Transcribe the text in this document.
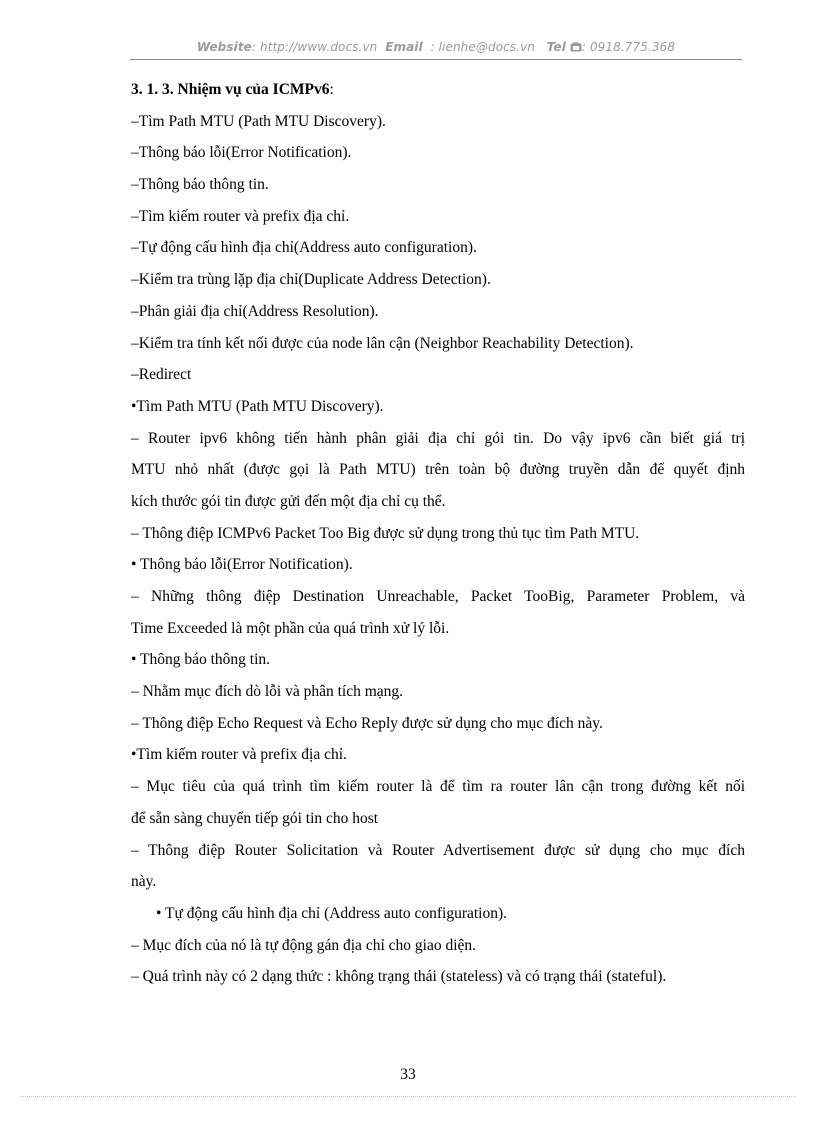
Website: http://www.docs.vn Email  : lienhe@docs.vn Tel : 0918.775.368
3. 1. 3. Nhiệm vụ của ICMPv6:
–Tìm Path MTU (Path MTU Discovery).
–Thông báo lỗi(Error Notification).
–Thông báo thông tin.
–Tìm kiếm router và prefix địa chỉ.
–Tự động cấu hình địa chỉ(Address auto configuration).
–Kiểm tra trùng lặp địa chỉ(Duplicate Address Detection).
–Phân giải địa chỉ(Address Resolution).
–Kiểm tra tính kết nối được của node lân cận (Neighbor Reachability Detection).
–Redirect
•Tìm Path MTU (Path MTU Discovery).
– Router ipv6 không tiến hành phân giải địa chỉ gói tin. Do vậy ipv6 cần biết giá trị
MTU nhỏ nhất (được gọi là Path MTU) trên toàn bộ đường truyền dẫn để quyết định
kích thước gói tin được gửi đến một địa chỉ cụ thể.
– Thông điệp ICMPv6 Packet Too Big được sử dụng trong thủ tục tìm Path MTU.
• Thông báo lỗi(Error Notification).
– Những thông điệp Destination Unreachable, Packet TooBig, Parameter Problem, và
Time Exceeded là một phần của quá trình xử lý lỗi.
• Thông báo thông tin.
– Nhằm mục đích dò lỗi và phân tích mạng.
– Thông điệp Echo Request và Echo Reply được sử dụng cho mục đích này.
•Tìm kiếm router và prefix địa chỉ.
– Mục tiêu của quá trình tìm kiếm router là để tìm ra router lân cận trong đường kết nối
để sẵn sàng chuyển tiếp gói tin cho host
– Thông điệp Router Solicitation và Router Advertisement được sử dụng cho mục đích
này.
• Tự động cấu hình địa chỉ (Address auto configuration).
– Mục đích của nó là tự động gán địa chỉ cho giao diện.
– Quá trình này có 2 dạng thức : không trạng thái (stateless) và có trạng thái (stateful).
33
